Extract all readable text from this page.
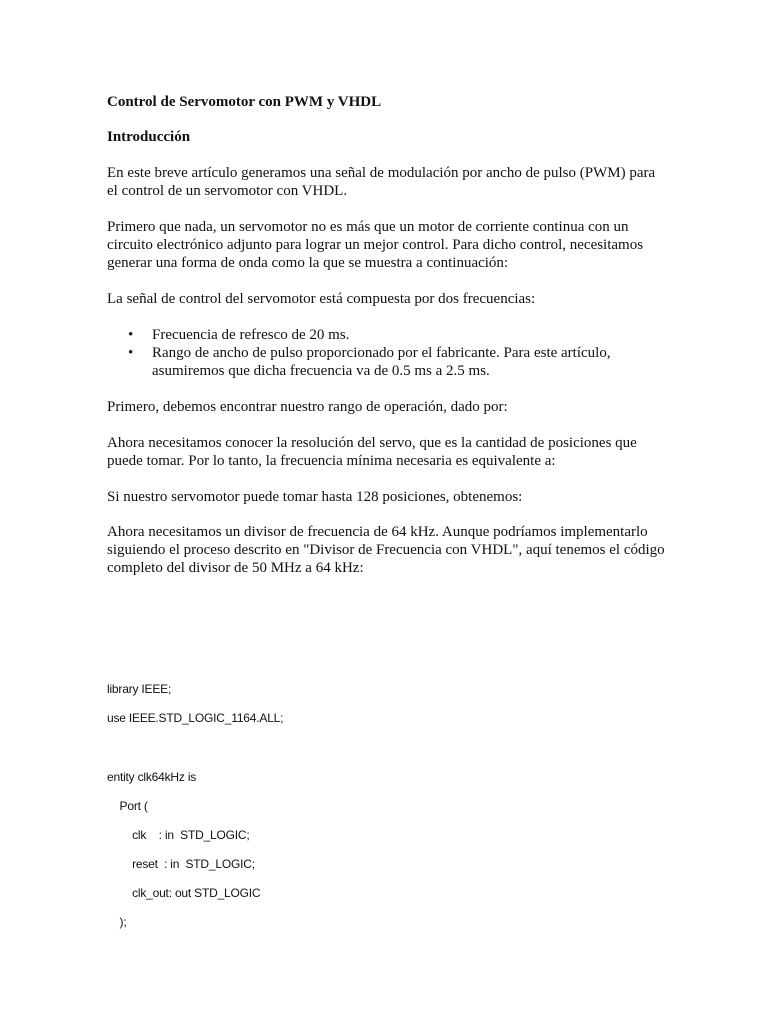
Control de Servomotor con PWM y VHDL

Introducción

En este breve artículo generamos una señal de modulación por ancho de pulso (PWM) para el control de un servomotor con VHDL.

Primero que nada, un servomotor no es más que un motor de corriente continua con un circuito electrónico adjunto para lograr un mejor control. Para dicho control, necesitamos generar una forma de onda como la que se muestra a continuación:

La señal de control del servomotor está compuesta por dos frecuencias:

• Frecuencia de refresco de 20 ms.
• Rango de ancho de pulso proporcionado por el fabricante. Para este artículo, asumiremos que dicha frecuencia va de 0.5 ms a 2.5 ms.

Primero, debemos encontrar nuestro rango de operación, dado por:

Ahora necesitamos conocer la resolución del servo, que es la cantidad de posiciones que puede tomar. Por lo tanto, la frecuencia mínima necesaria es equivalente a:

Si nuestro servomotor puede tomar hasta 128 posiciones, obtenemos:

Ahora necesitamos un divisor de frecuencia de 64 kHz. Aunque podríamos implementarlo siguiendo el proceso descrito en "Divisor de Frecuencia con VHDL", aquí tenemos el código completo del divisor de 50 MHz a 64 kHz:

library IEEE;

use IEEE.STD_LOGIC_1164.ALL;

entity clk64kHz is

Port (

clk    : in  STD_LOGIC;

reset  : in  STD_LOGIC;

clk_out: out STD_LOGIC

);
